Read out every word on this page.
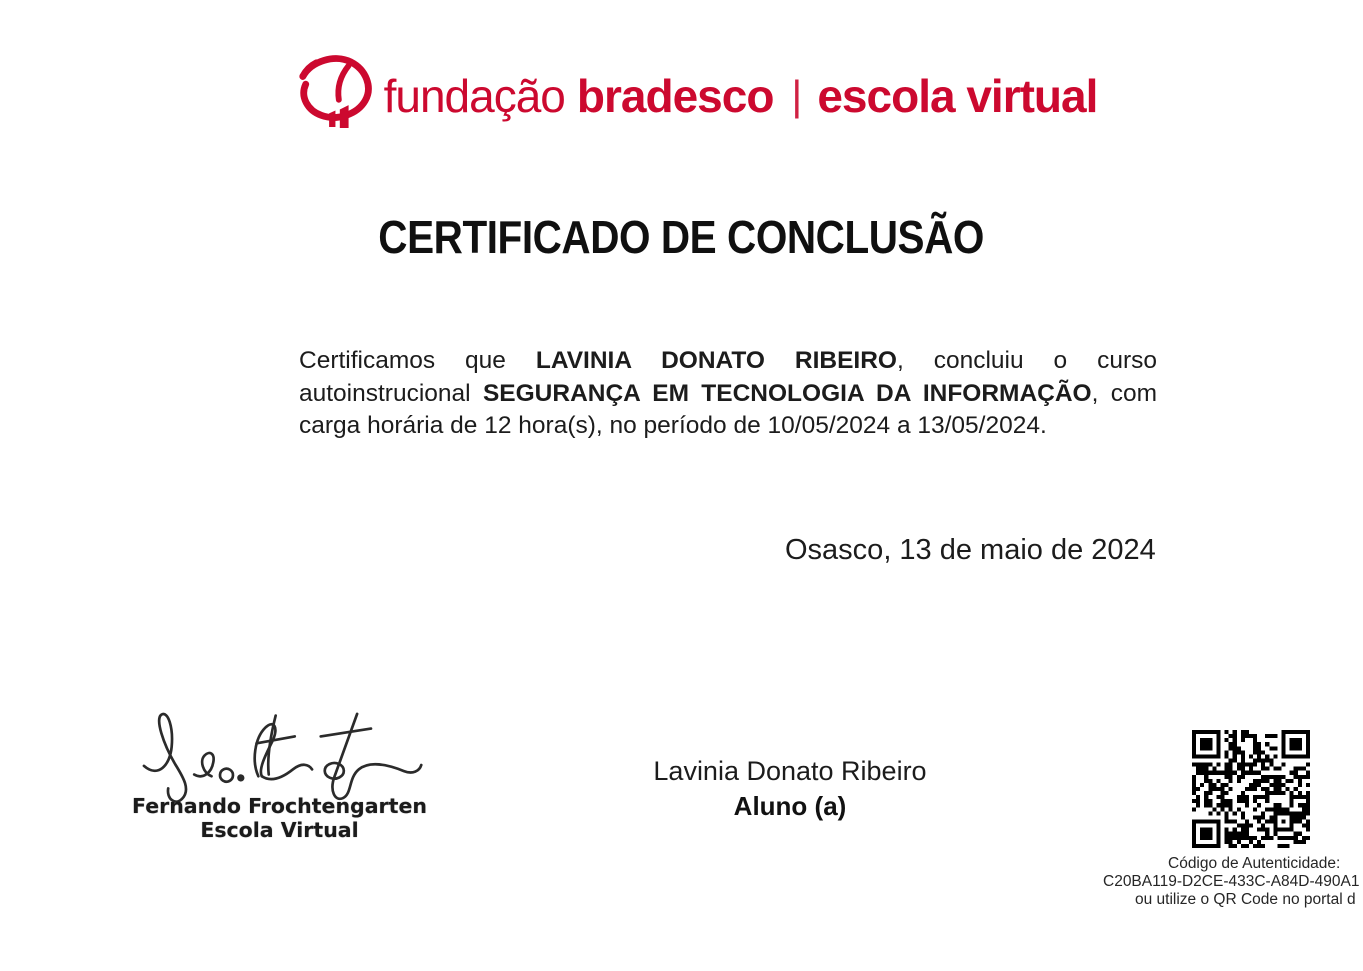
fundação bradesco | escola virtual
CERTIFICADO DE CONCLUSÃO
Certificamos que LAVINIA DONATO RIBEIRO, concluiu o curso
autoinstrucional SEGURANÇA EM TECNOLOGIA DA INFORMAÇÃO, com
carga horária de 12 hora(s), no período de 10/05/2024 a 13/05/2024.
Osasco, 13 de maio de 2024
Fernando Frochtengarten
Escola Virtual
Lavinia Donato Ribeiro
Aluno (a)
Código de Autenticidade:
C20BA119-D2CE-433C-A84D-490A1
ou utilize o QR Code no portal d
